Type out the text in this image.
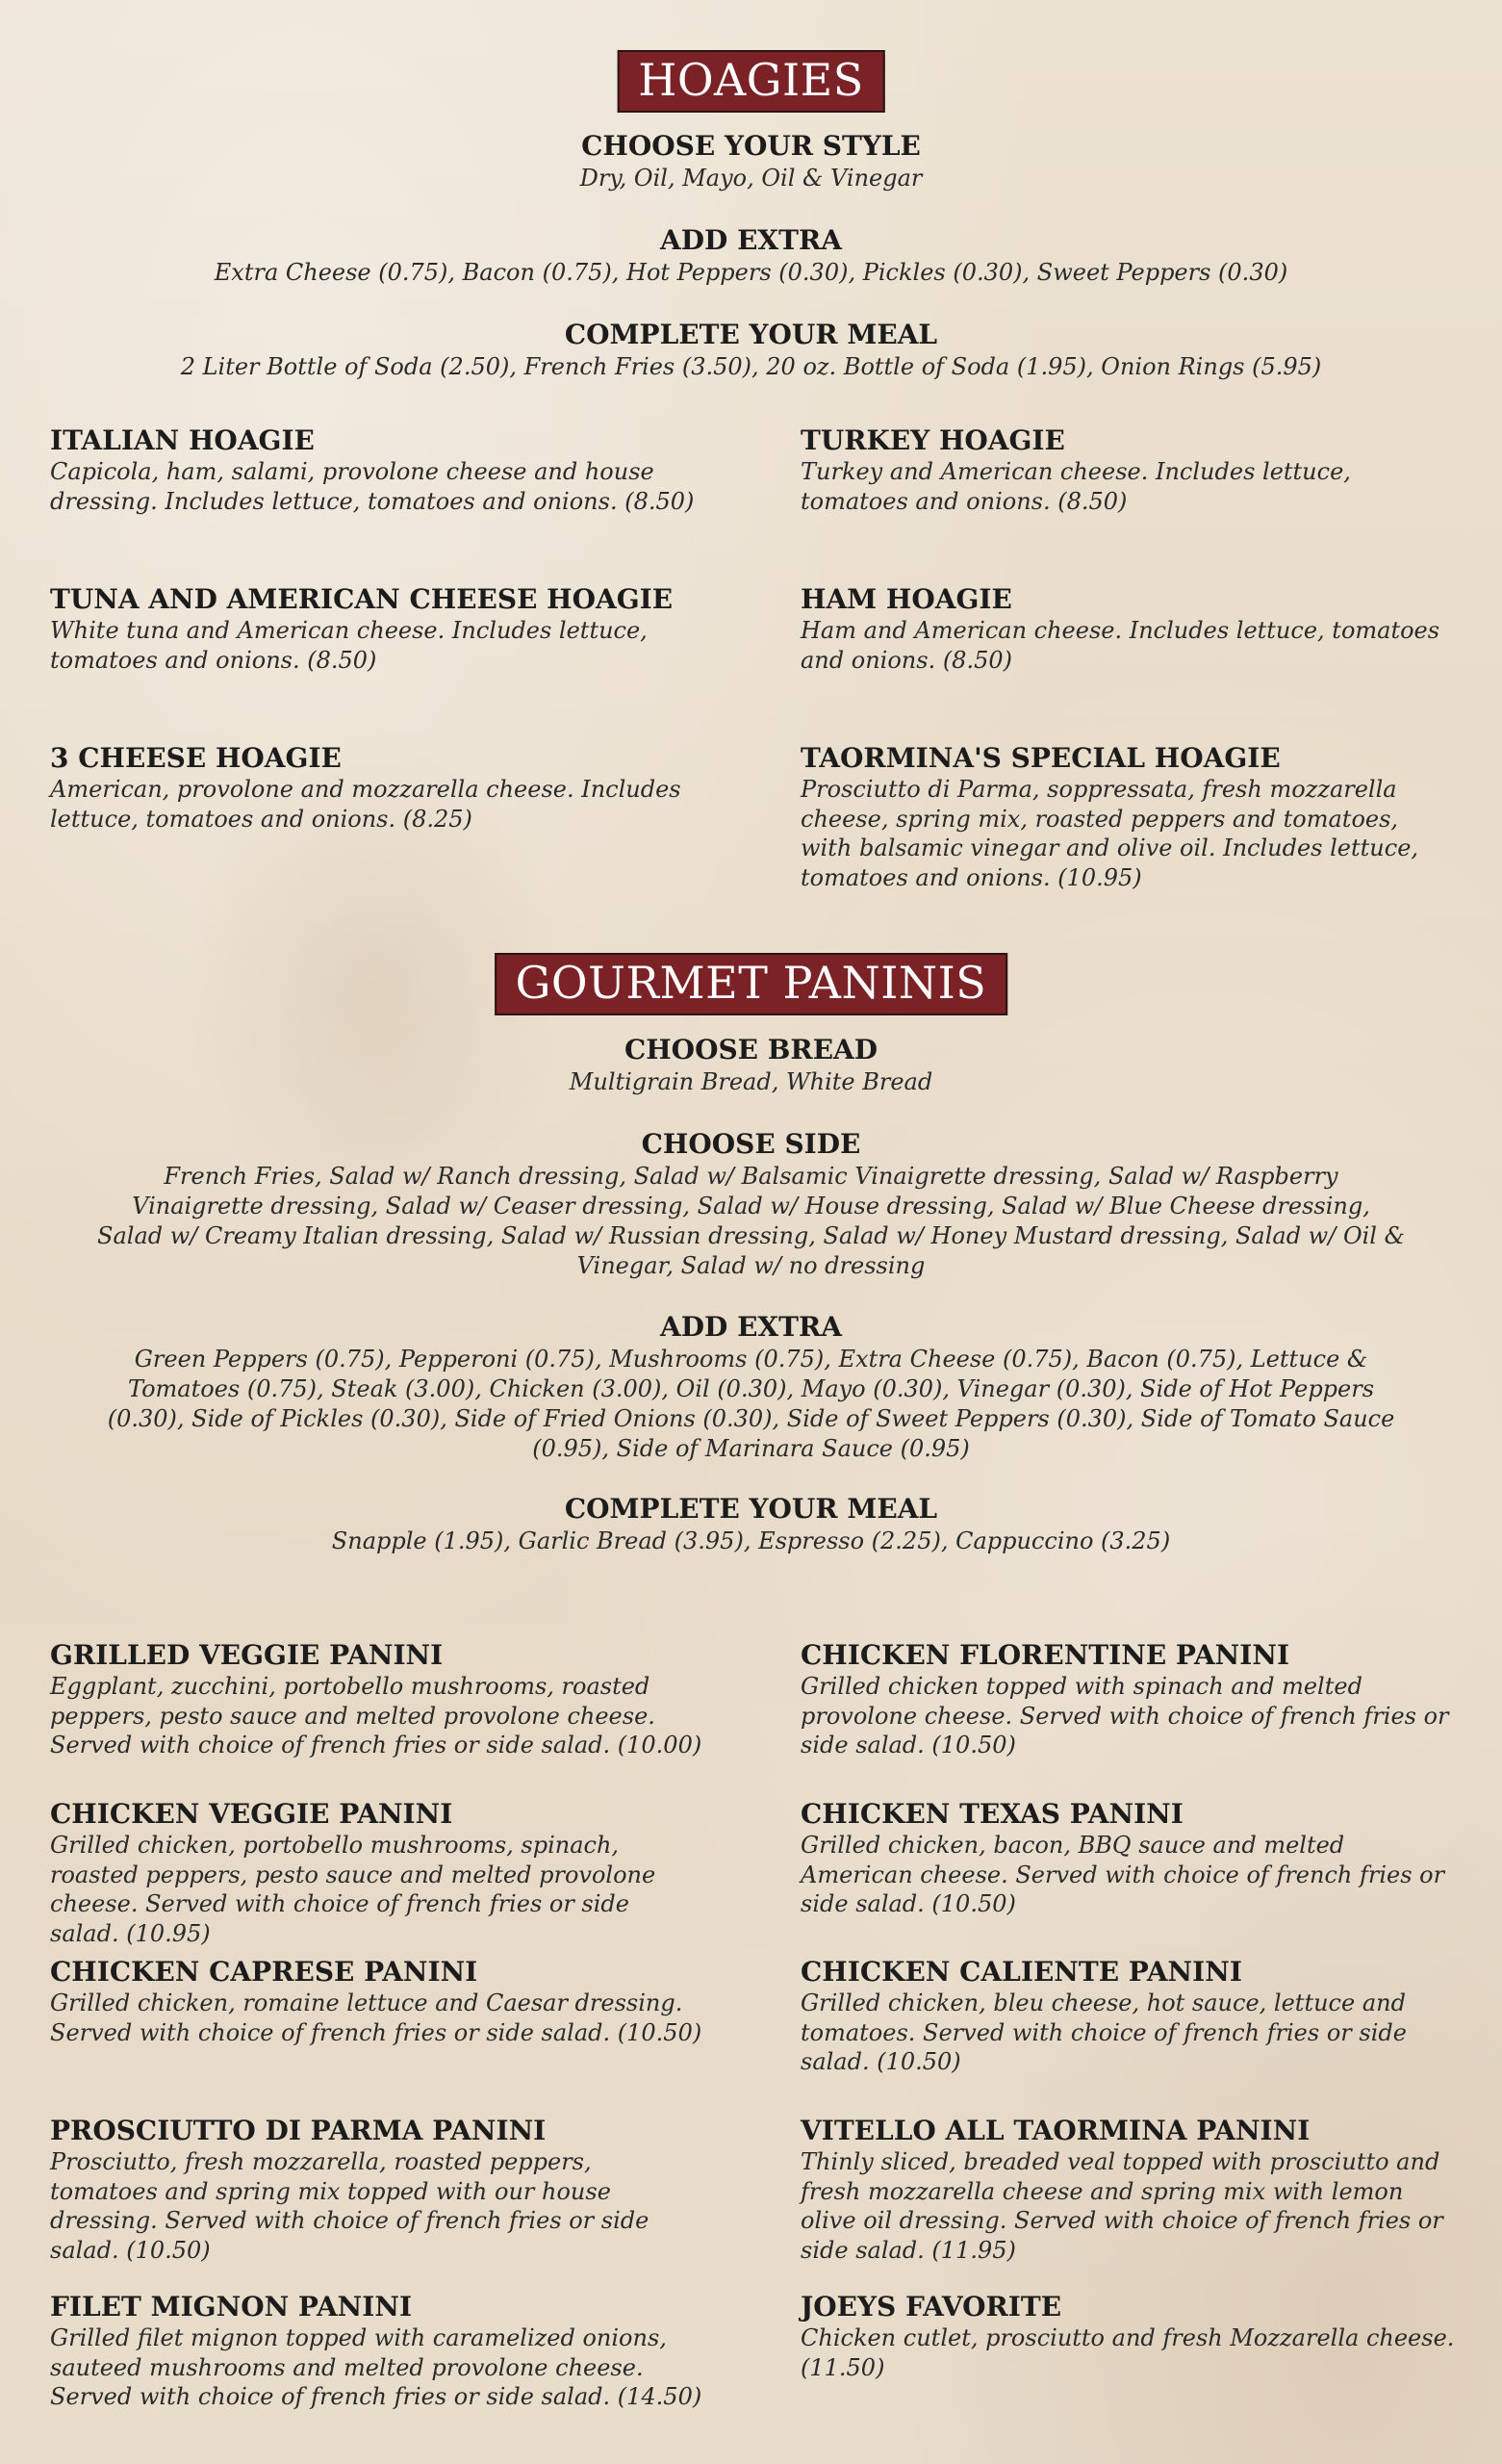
HOAGIES

CHOOSE YOUR STYLE

Dry, Oil, Mayo, Oil & Vinegar

ADD EXTRA

Extra Cheese (0.75), Bacon (0.75), Hot Peppers (0.30), Pickles (0.30), Sweet Peppers (0.30)

COMPLETE YOUR MEAL

2 Liter Bottle of Soda (2.50), French Fries (3.50), 20 oz. Bottle of Soda (1.95), Onion Rings (5.95)

ITALIAN HOAGIE

Capicola, ham, salami, provolone cheese and house dressing. Includes lettuce, tomatoes and onions. (8.50)

TURKEY HOAGIE

Turkey and American cheese. Includes lettuce, tomatoes and onions. (8.50)

TUNA AND AMERICAN CHEESE HOAGIE

White tuna and American cheese. Includes lettuce, tomatoes and onions. (8.50)

HAM HOAGIE

Ham and American cheese. Includes lettuce, tomatoes and onions. (8.50)

3 CHEESE HOAGIE

American, provolone and mozzarella cheese. Includes lettuce, tomatoes and onions. (8.25)

TAORMINA'S SPECIAL HOAGIE

Prosciutto di Parma, soppressata, fresh mozzarella cheese, spring mix, roasted peppers and tomatoes, with balsamic vinegar and olive oil. Includes lettuce, tomatoes and onions. (10.95)

GOURMET PANINIS

CHOOSE BREAD

Multigrain Bread, White Bread

CHOOSE SIDE

French Fries, Salad w/ Ranch dressing, Salad w/ Balsamic Vinaigrette dressing, Salad w/ Raspberry Vinaigrette dressing, Salad w/ Ceaser dressing, Salad w/ House dressing, Salad w/ Blue Cheese dressing, Salad w/ Creamy Italian dressing, Salad w/ Russian dressing, Salad w/ Honey Mustard dressing, Salad w/ Oil & Vinegar, Salad w/ no dressing

ADD EXTRA

Green Peppers (0.75), Pepperoni (0.75), Mushrooms (0.75), Extra Cheese (0.75), Bacon (0.75), Lettuce & Tomatoes (0.75), Steak (3.00), Chicken (3.00), Oil (0.30), Mayo (0.30), Vinegar (0.30), Side of Hot Peppers (0.30), Side of Pickles (0.30), Side of Fried Onions (0.30), Side of Sweet Peppers (0.30), Side of Tomato Sauce (0.95), Side of Marinara Sauce (0.95)

COMPLETE YOUR MEAL

Snapple (1.95), Garlic Bread (3.95), Espresso (2.25), Cappuccino (3.25)

GRILLED VEGGIE PANINI

Eggplant, zucchini, portobello mushrooms, roasted peppers, pesto sauce and melted provolone cheese. Served with choice of french fries or side salad. (10.00)

CHICKEN FLORENTINE PANINI

Grilled chicken topped with spinach and melted provolone cheese. Served with choice of french fries or side salad. (10.50)

CHICKEN VEGGIE PANINI

Grilled chicken, portobello mushrooms, spinach, roasted peppers, pesto sauce and melted provolone cheese. Served with choice of french fries or side salad. (10.95)

CHICKEN TEXAS PANINI

Grilled chicken, bacon, BBQ sauce and melted American cheese. Served with choice of french fries or side salad. (10.50)

CHICKEN CAPRESE PANINI

Grilled chicken, romaine lettuce and Caesar dressing. Served with choice of french fries or side salad. (10.50)

CHICKEN CALIENTE PANINI

Grilled chicken, bleu cheese, hot sauce, lettuce and tomatoes. Served with choice of french fries or side salad. (10.50)

PROSCIUTTO DI PARMA PANINI

Prosciutto, fresh mozzarella, roasted peppers, tomatoes and spring mix topped with our house dressing. Served with choice of french fries or side salad. (10.50)

VITELLO ALL TAORMINA PANINI

Thinly sliced, breaded veal topped with prosciutto and fresh mozzarella cheese and spring mix with lemon olive oil dressing. Served with choice of french fries or side salad. (11.95)

FILET MIGNON PANINI

Grilled filet mignon topped with caramelized onions, sauteed mushrooms and melted provolone cheese. Served with choice of french fries or side salad. (14.50)

JOEYS FAVORITE

Chicken cutlet, prosciutto and fresh Mozzarella cheese. (11.50)
